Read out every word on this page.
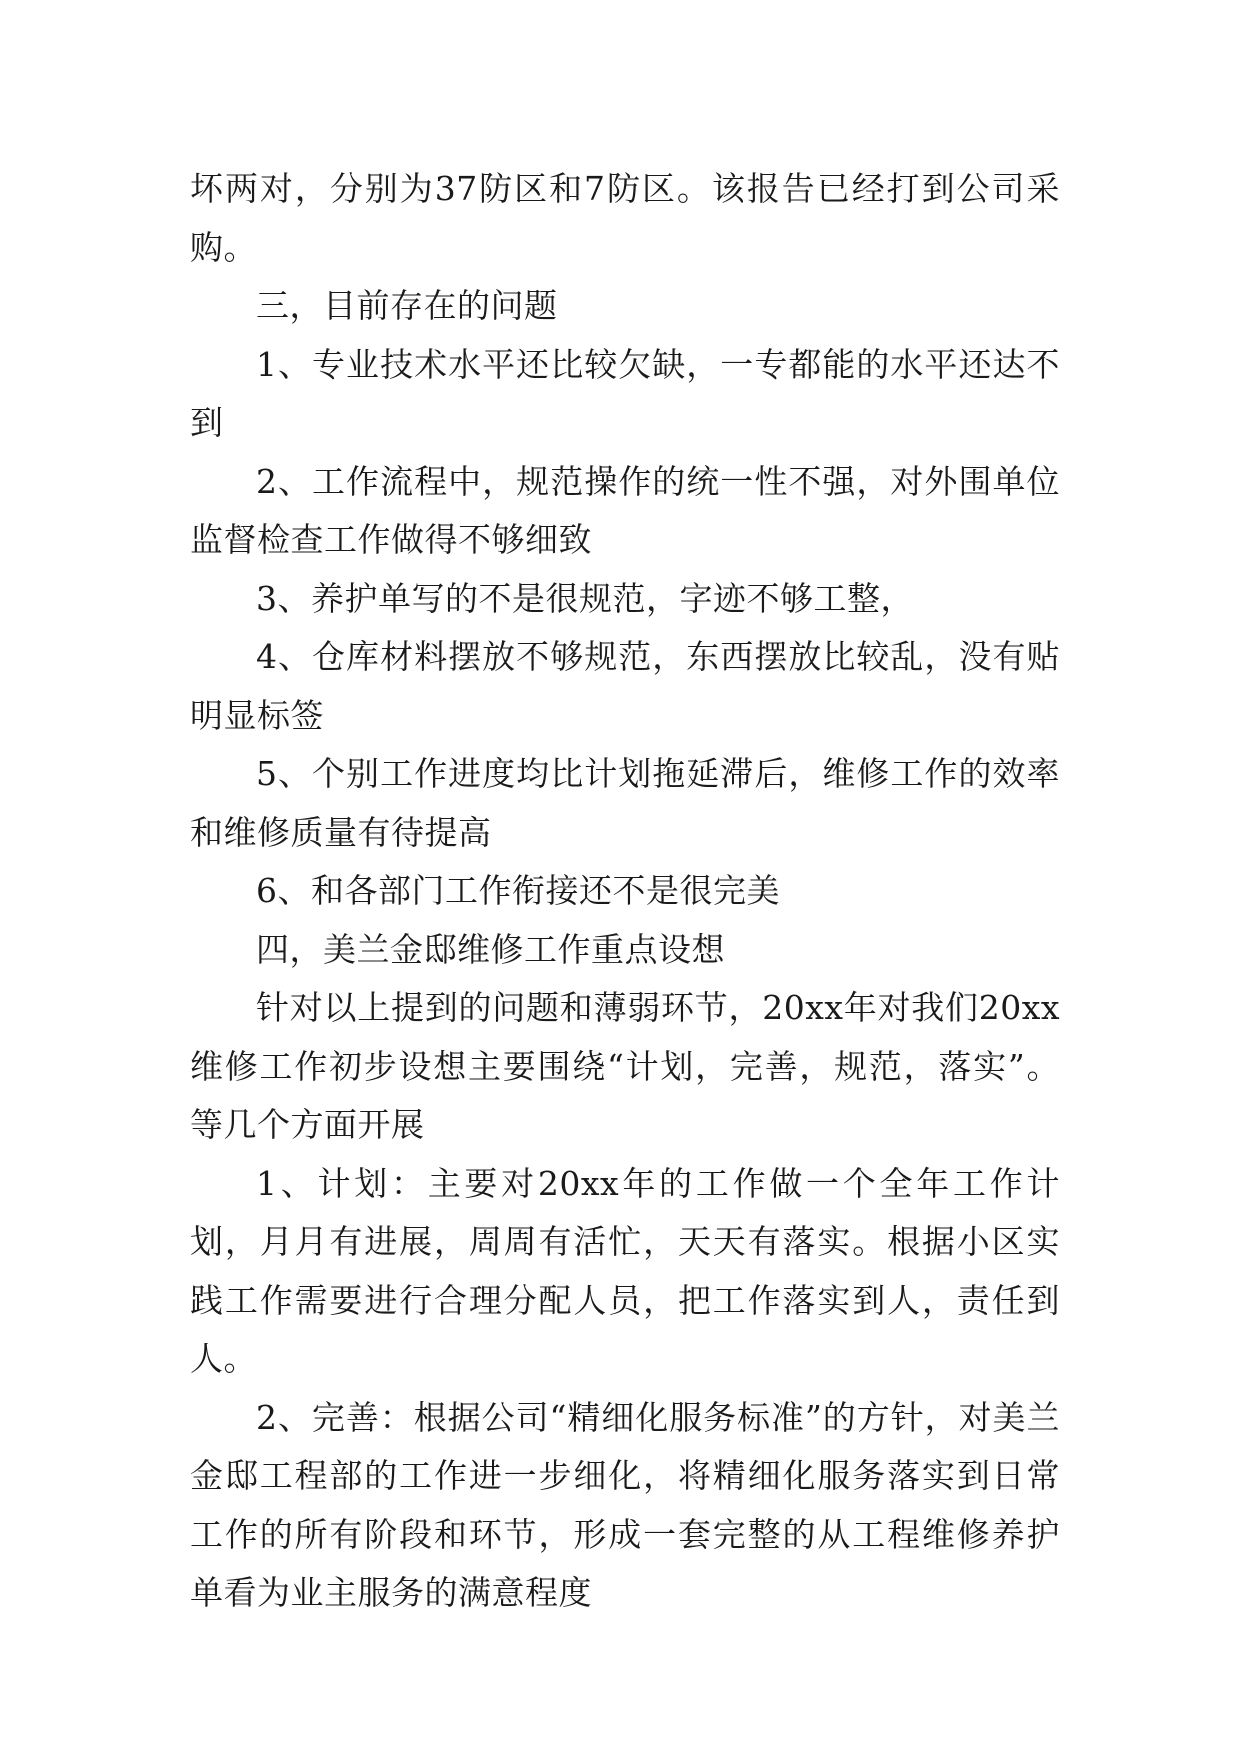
坏两对，分别为37防区和7防区。该报告已经打到公司采购。

三，目前存在的问题

1、专业技术水平还比较欠缺，一专都能的水平还达不到

2、工作流程中，规范操作的统一性不强，对外围单位监督检查工作做得不够细致

3、养护单写的不是很规范，字迹不够工整，

4、仓库材料摆放不够规范，东西摆放比较乱，没有贴明显标签

5、个别工作进度均比计划拖延滞后，维修工作的效率和维修质量有待提高

6、和各部门工作衔接还不是很完美

四，美兰金邸维修工作重点设想

针对以上提到的问题和薄弱环节，20xx年对我们20xx维修工作初步设想主要围绕“计划，完善，规范，落实”。等几个方面开展

1、计划：主要对20xx年的工作做一个全年工作计划，月月有进展，周周有活忙，天天有落实。根据小区实践工作需要进行合理分配人员，把工作落实到人，责任到人。

2、完善：根据公司“精细化服务标准”的方针，对美兰金邸工程部的工作进一步细化，将精细化服务落实到日常工作的所有阶段和环节，形成一套完整的从工程维修养护单看为业主服务的满意程度
